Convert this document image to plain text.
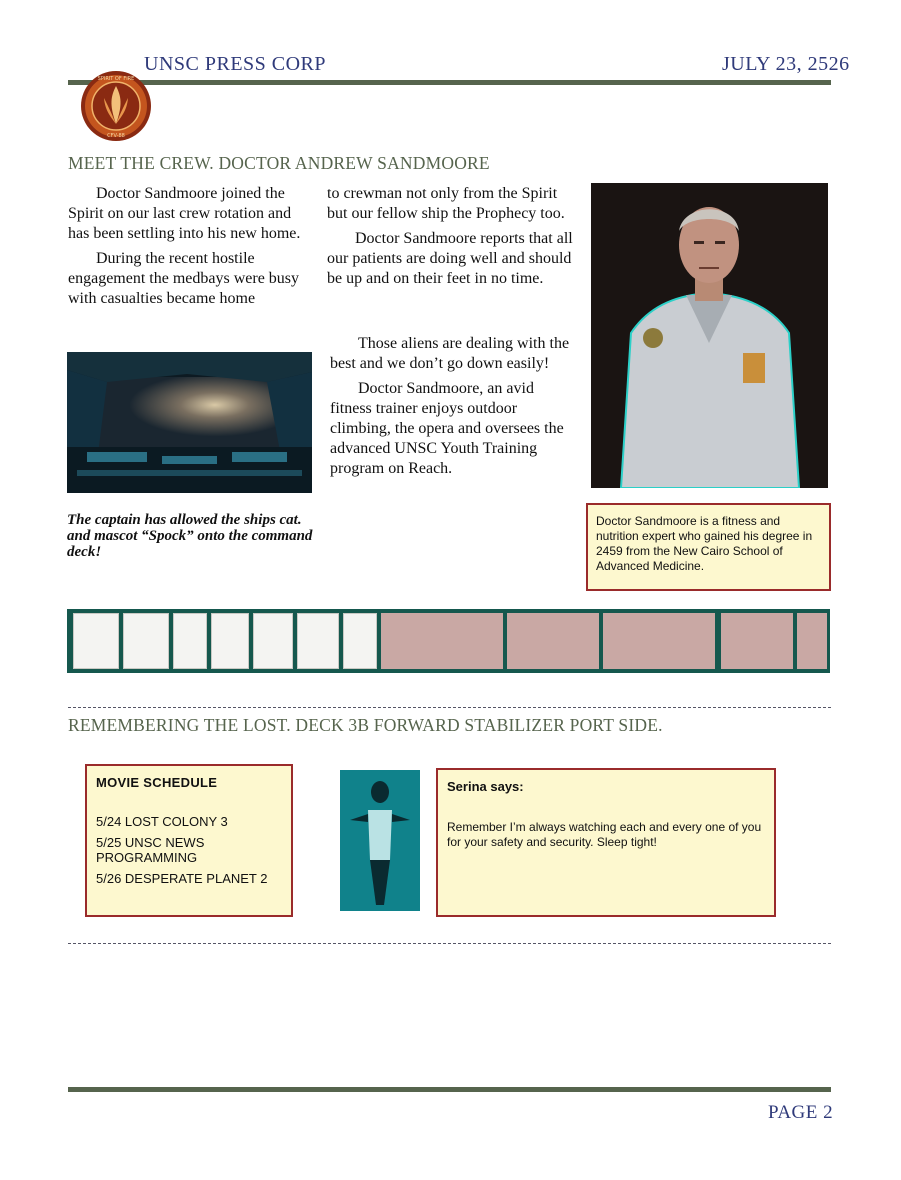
UNSC PRESS CORP	JULY 23, 2526
SPIRIT OF FIRE
CFV-88
MEET THE CREW. DOCTOR ANDREW SANDMOORE

Doctor Sandmoore joined the Spirit on our last crew rotation and has been settling into his new home.

During the recent hostile engagement the medbays were busy with casualties became home

to crewman not only from the Spirit but our fellow ship the Prophecy too.

Doctor Sandmoore reports that all our patients are doing well and should be up and on their feet in no time.

Those aliens are dealing with the best and we don’t go down easily!

Doctor Sandmoore, an avid fitness trainer enjoys outdoor climbing, the opera and oversees the advanced UNSC Youth Training program on Reach.

The captain has allowed the ships cat. and mascot “Spock” onto the command deck!
Doctor Sandmoore is a fitness and nutrition expert who gained his degree in 2459 from the New Cairo School of Advanced Medicine.
REMEMBERING THE LOST. DECK 3B FORWARD STABILIZER PORT SIDE.
MOVIE SCHEDULE
5/24 LOST COLONY 3
5/25 UNSC NEWS PROGRAMMING
5/26 DESPERATE PLANET 2
Serina says:
Remember I’m always watching each and every one of you for your safety and security. Sleep tight!
PAGE 2
